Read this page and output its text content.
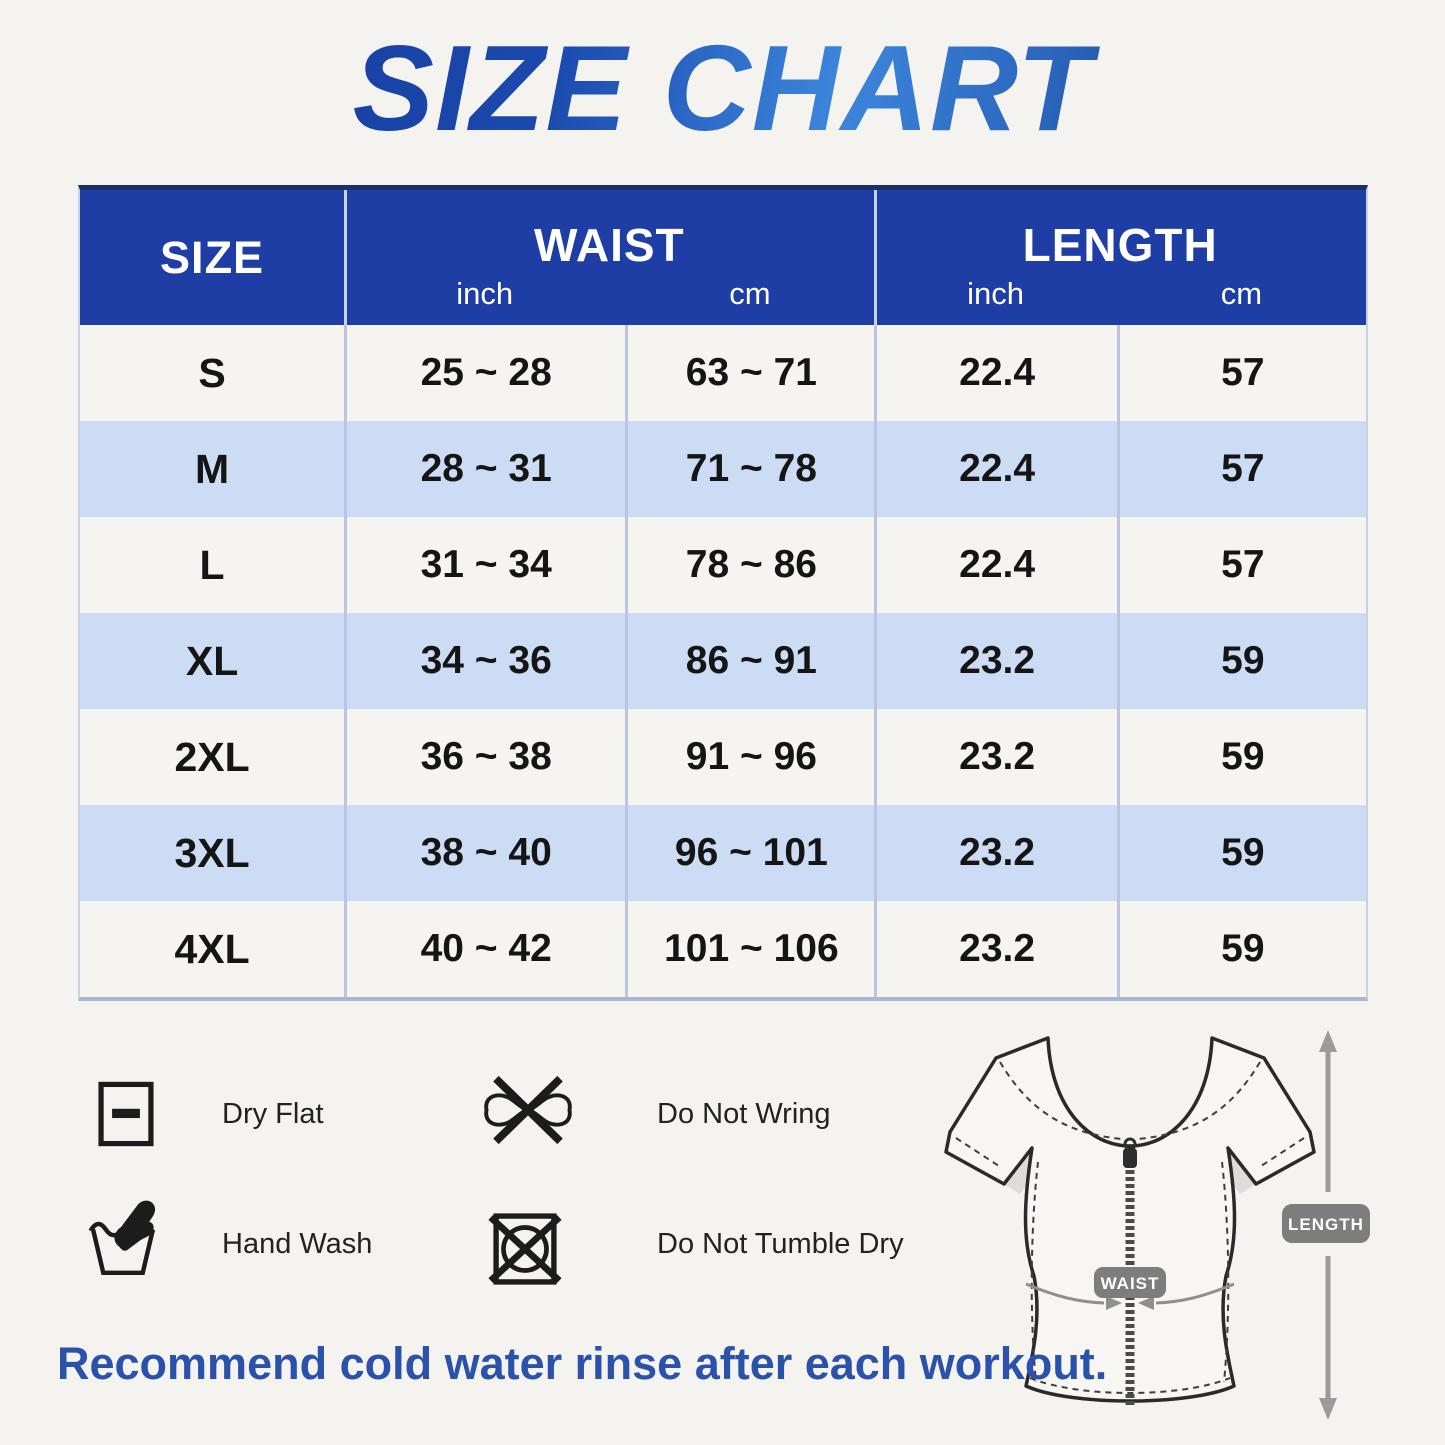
SIZE CHART
SIZE	WAIST	LENGTH
inch	cm	inch	cm
S	25 ~ 28	63 ~ 71	22.4	57
M	28 ~ 31	71 ~ 78	22.4	57
L	31 ~ 34	78 ~ 86	22.4	57
XL	34 ~ 36	86 ~ 91	23.2	59
2XL	36 ~ 38	91 ~ 96	23.2	59
3XL	38 ~ 40	96 ~ 101	23.2	59
4XL	40 ~ 42	101 ~ 106	23.2	59
Dry Flat	Do Not Wring
Hand Wash	Do Not Tumble Dry
WAIST
LENGTH
Recommend cold water rinse after each workout.
